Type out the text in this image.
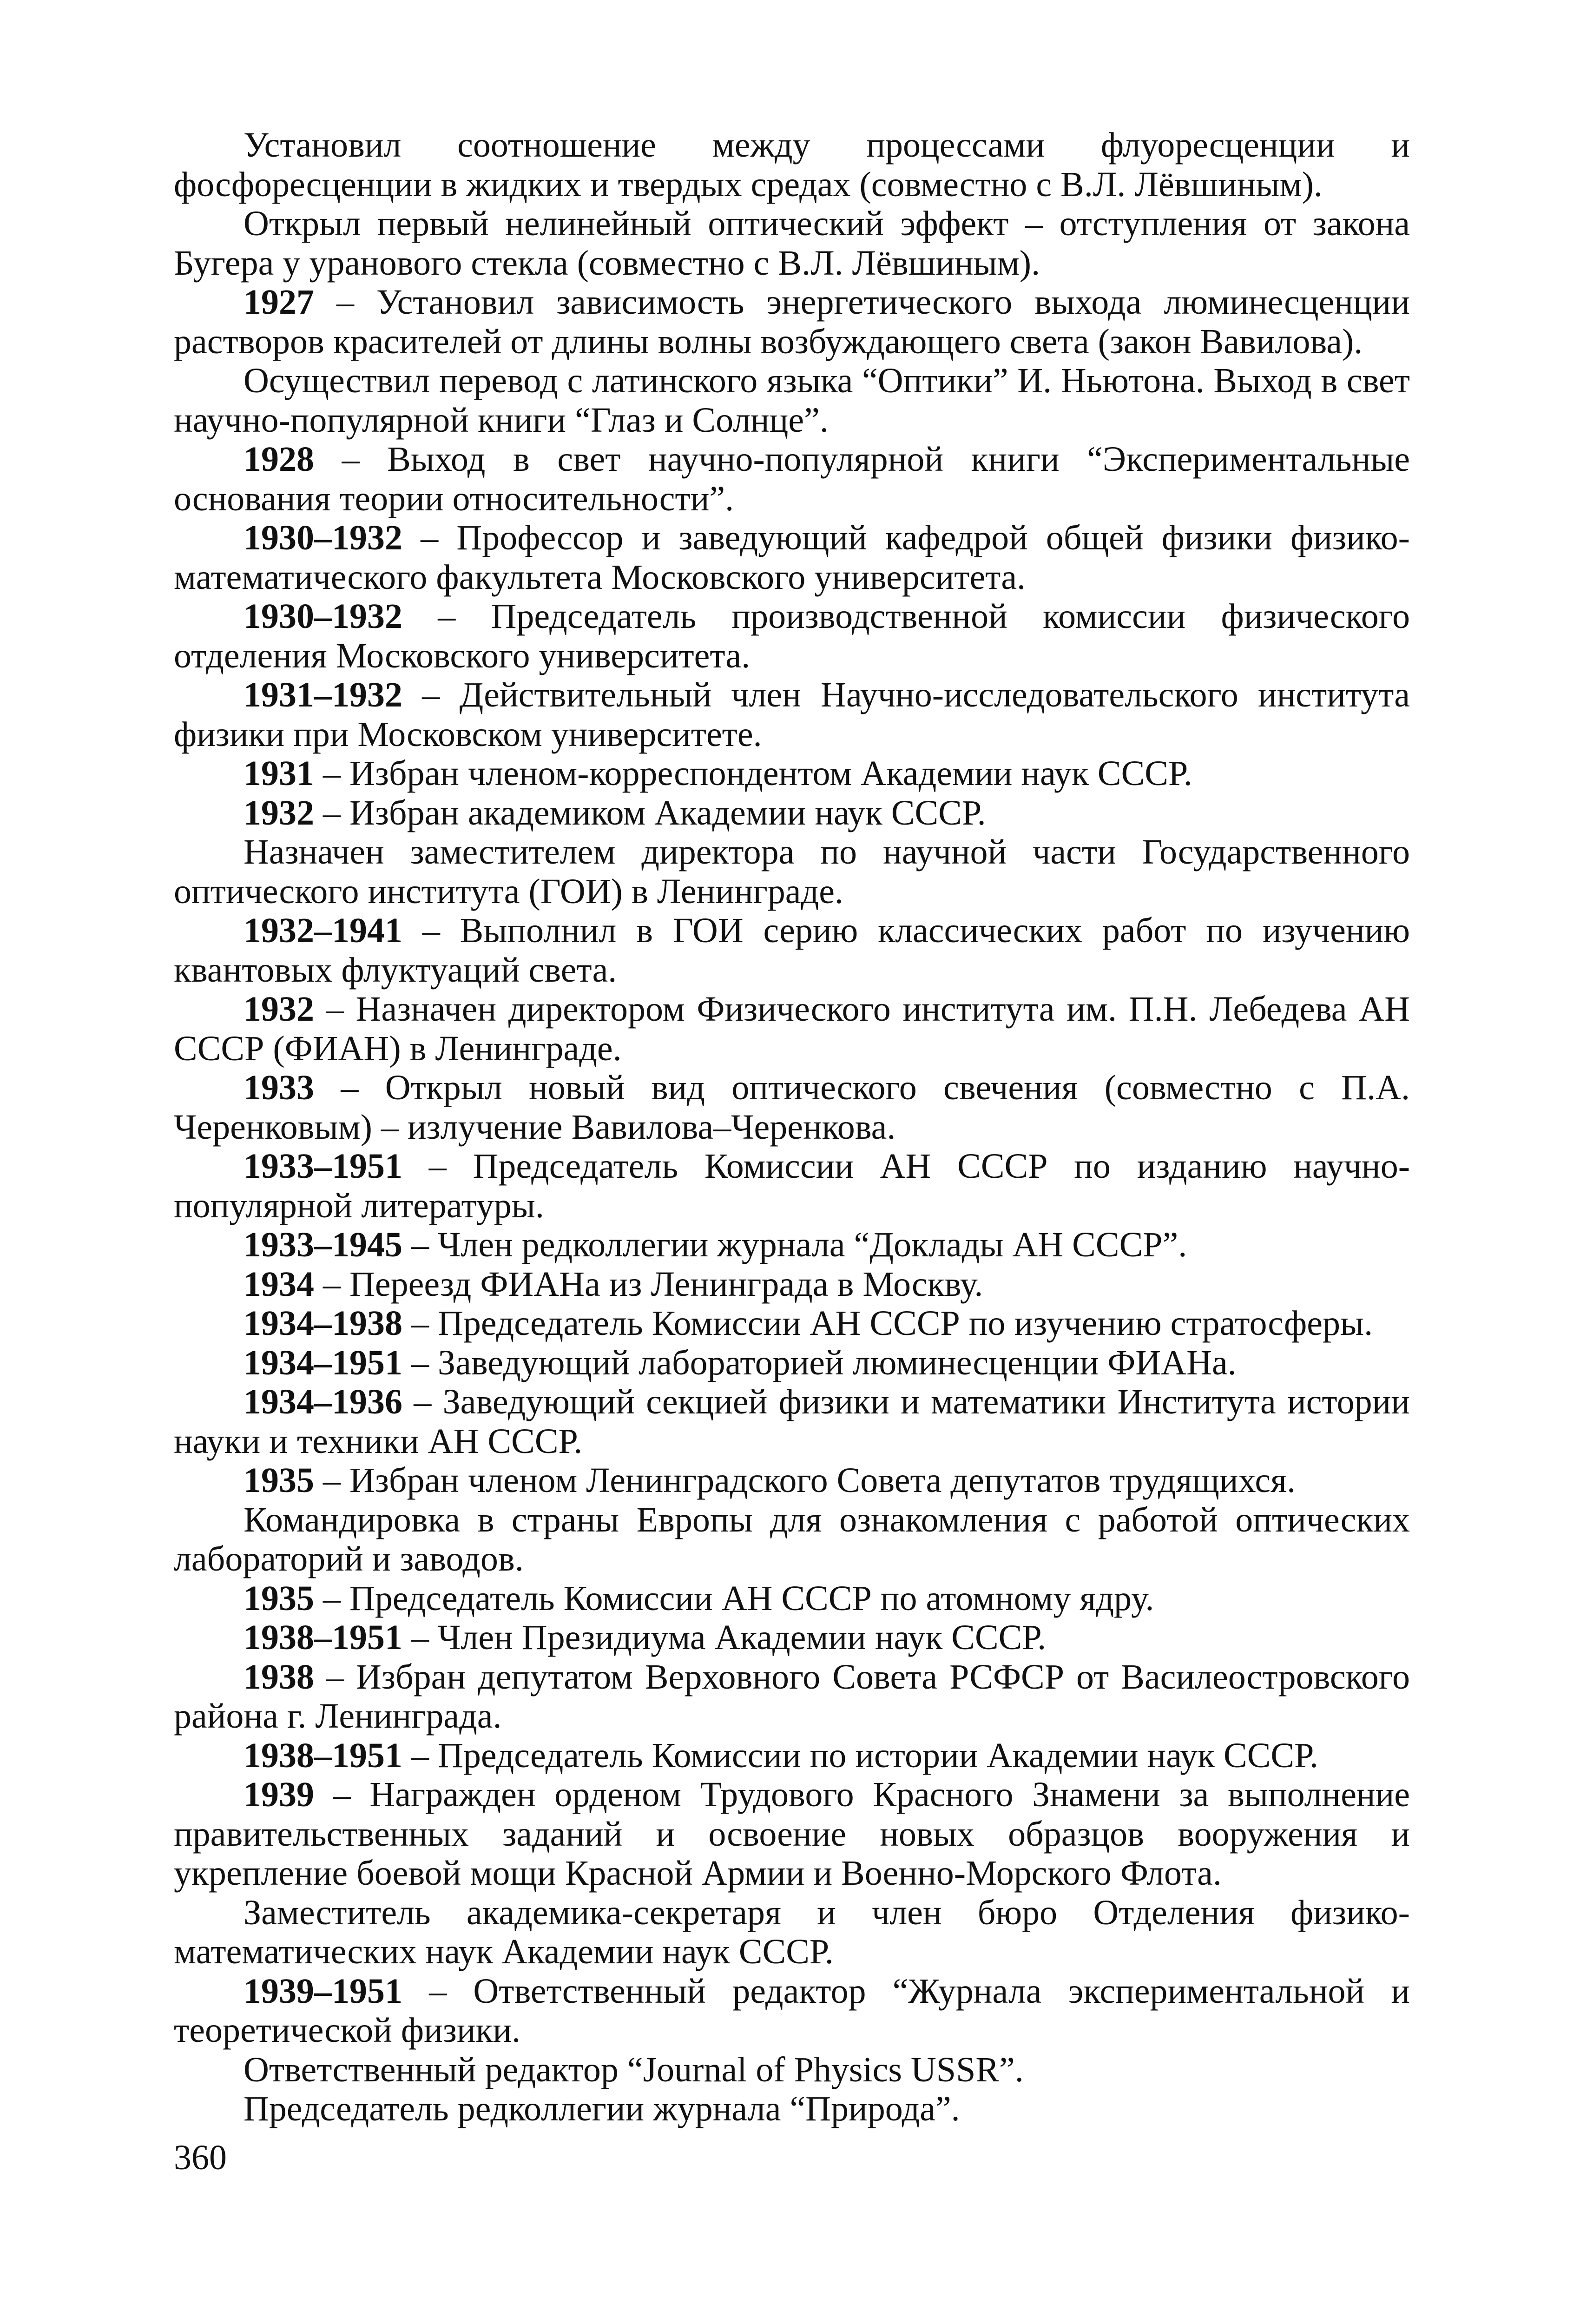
Установил соотношение между процессами флуоресценции и фосфоресценции в жидких и твердых средах (совместно с В.Л. Лёвшиным).

Открыл первый нелинейный оптический эффект – отступления от закона Бугера у уранового стекла (совместно с В.Л. Лёвшиным).

1927 – Установил зависимость энергетического выхода люминесценции растворов красителей от длины волны возбуждающего света (закон Вавилова).

Осуществил перевод с латинского языка “Оптики” И. Ньютона. Выход в свет научно-популярной книги “Глаз и Солнце”.

1928 – Выход в свет научно-популярной книги “Экспериментальные основания теории относительности”.

1930–1932 – Профессор и заведующий кафедрой общей физики физико-математического факультета Московского университета.

1930–1932 – Председатель производственной комиссии физического отделения Московского университета.

1931–1932 – Действительный член Научно-исследовательского института физики при Московском университете.

1931 – Избран членом-корреспондентом Академии наук СССР.

1932 – Избран академиком Академии наук СССР.

Назначен заместителем директора по научной части Государственного оптического института (ГОИ) в Ленинграде.

1932–1941 – Выполнил в ГОИ серию классических работ по изучению квантовых флуктуаций света.

1932 – Назначен директором Физического института им. П.Н. Лебедева АН СССР (ФИАН) в Ленинграде.

1933 – Открыл новый вид оптического свечения (совместно с П.А. Черенковым) – излучение Вавилова–Черенкова.

1933–1951 – Председатель Комиссии АН СССР по изданию научно-популярной литературы.

1933–1945 – Член редколлегии журнала “Доклады АН СССР”.

1934 – Переезд ФИАНа из Ленинграда в Москву.

1934–1938 – Председатель Комиссии АН СССР по изучению стратосферы.

1934–1951 – Заведующий лабораторией люминесценции ФИАНа.

1934–1936 – Заведующий секцией физики и математики Института истории науки и техники АН СССР.

1935 – Избран членом Ленинградского Совета депутатов трудящихся.

Командировка в страны Европы для ознакомления с работой оптических лабораторий и заводов.

1935 – Председатель Комиссии АН СССР по атомному ядру.

1938–1951 – Член Президиума Академии наук СССР.

1938 – Избран депутатом Верховного Совета РСФСР от Василеостровского района г. Ленинграда.

1938–1951 – Председатель Комиссии по истории Академии наук СССР.

1939 – Награжден орденом Трудового Красного Знамени за выполнение правительственных заданий и освоение новых образцов вооружения и укрепление боевой мощи Красной Армии и Военно-Морского Флота.

Заместитель академика-секретаря и член бюро Отделения физико-математических наук Академии наук СССР.

1939–1951 – Ответственный редактор “Журнала экспериментальной и теоретической физики.

Ответственный редактор “Journal of Physics USSR”.

Председатель редколлегии журнала “Природа”.

360
